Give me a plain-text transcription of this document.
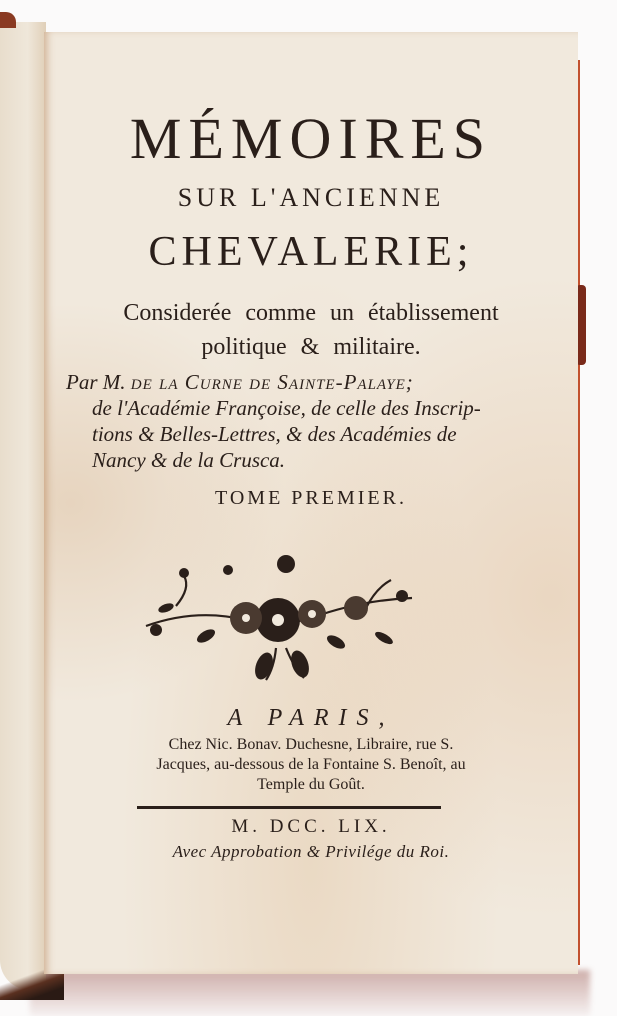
MÉMOIRES
SUR L'ANCIENNE
CHEVALERIE;
Considerée comme un établissement
politique & militaire.
Par M. de la Curne de Sainte-Palaye;
de l'Académie Françoise, de celle des Inscrip-
tions & Belles-Lettres, & des Académies de
Nancy & de la Crusca.
TOME PREMIER.
A PARIS,
Chez Nic. Bonav. Duchesne, Libraire, rue S.
Jacques, au-dessous de la Fontaine S. Benoît, au
Temple du Goût.
M. DCC. LIX.
Avec Approbation & Privilége du Roi.
